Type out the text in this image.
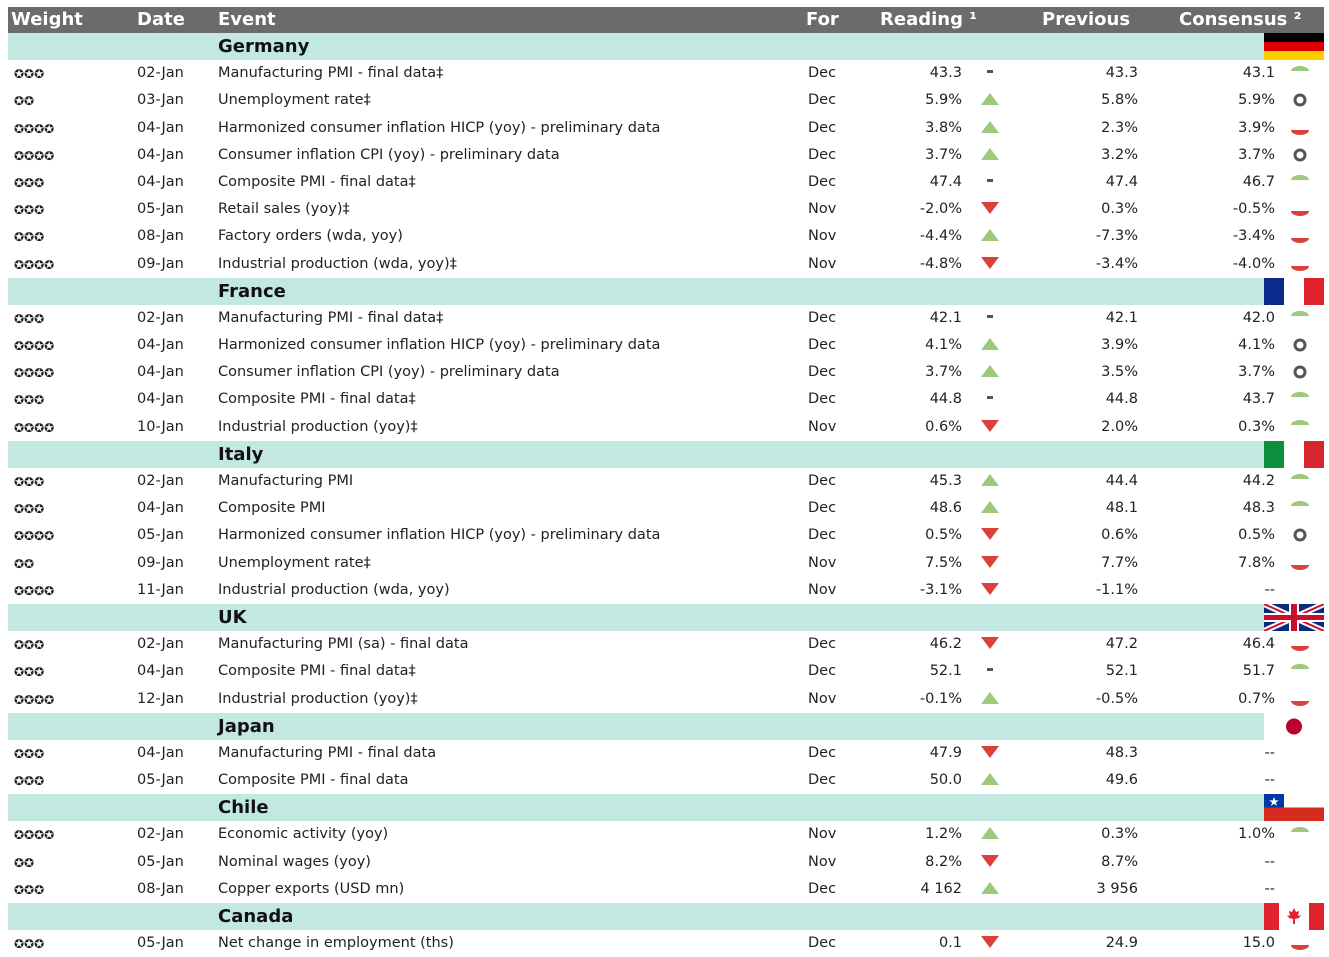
Weight	Date Event	For Reading ¹	Previous	Consensus ²
Germany
✪✪✪	02-Jan Manufacturing PMI - final data‡	Dec	43.3	43.3	43.1
✪✪	03-Jan Unemployment rate‡	Dec	5.9%	5.8%	5.9%
✪✪✪✪	04-Jan Harmonized consumer inflation HICP (yoy) - preliminary data	Dec	3.8%	2.3%	3.9%
✪✪✪✪	04-Jan Consumer inflation CPI (yoy) - preliminary data	Dec	3.7%	3.2%	3.7%
✪✪✪	04-Jan Composite PMI - final data‡	Dec	47.4	47.4	46.7
✪✪✪	05-Jan Retail sales (yoy)‡	Nov	-2.0%	0.3%	-0.5%
✪✪✪	08-Jan Factory orders (wda, yoy)	Nov	-4.4%	-7.3%	-3.4%
✪✪✪✪	09-Jan Industrial production (wda, yoy)‡	Nov	-4.8%	-3.4%	-4.0%
France
✪✪✪	02-Jan Manufacturing PMI - final data‡	Dec	42.1	42.1	42.0
✪✪✪✪	04-Jan Harmonized consumer inflation HICP (yoy) - preliminary data	Dec	4.1%	3.9%	4.1%
✪✪✪✪	04-Jan Consumer inflation CPI (yoy) - preliminary data	Dec	3.7%	3.5%	3.7%
✪✪✪	04-Jan Composite PMI - final data‡	Dec	44.8	44.8	43.7
✪✪✪✪	10-Jan Industrial production (yoy)‡	Nov	0.6%	2.0%	0.3%
Italy
✪✪✪	02-Jan Manufacturing PMI	Dec	45.3	44.4	44.2
✪✪✪	04-Jan Composite PMI	Dec	48.6	48.1	48.3
✪✪✪✪	05-Jan Harmonized consumer inflation HICP (yoy) - preliminary data	Dec	0.5%	0.6%	0.5%
✪✪	09-Jan Unemployment rate‡	Nov	7.5%	7.7%	7.8%
✪✪✪✪	11-Jan Industrial production (wda, yoy)	Nov	-3.1%	-1.1%	--
UK
✪✪✪	02-Jan Manufacturing PMI (sa) - final data	Dec	46.2	47.2	46.4
✪✪✪	04-Jan Composite PMI - final data‡	Dec	52.1	52.1	51.7
✪✪✪✪	12-Jan Industrial production (yoy)‡	Nov	-0.1%	-0.5%	0.7%
Japan
✪✪✪	04-Jan Manufacturing PMI - final data	Dec	47.9	48.3	--
✪✪✪	05-Jan Composite PMI - final data	Dec	50.0	49.6	--
Chile
✪✪✪✪	02-Jan Economic activity (yoy)	Nov	1.2%	0.3%	1.0%
✪✪	05-Jan Nominal wages (yoy)	Nov	8.2%	8.7%	--
✪✪✪	08-Jan Copper exports (USD mn)	Dec	4 162	3 956	--
Canada
✪✪✪	05-Jan Net change in employment (ths)	Dec	0.1	24.9	15.0
